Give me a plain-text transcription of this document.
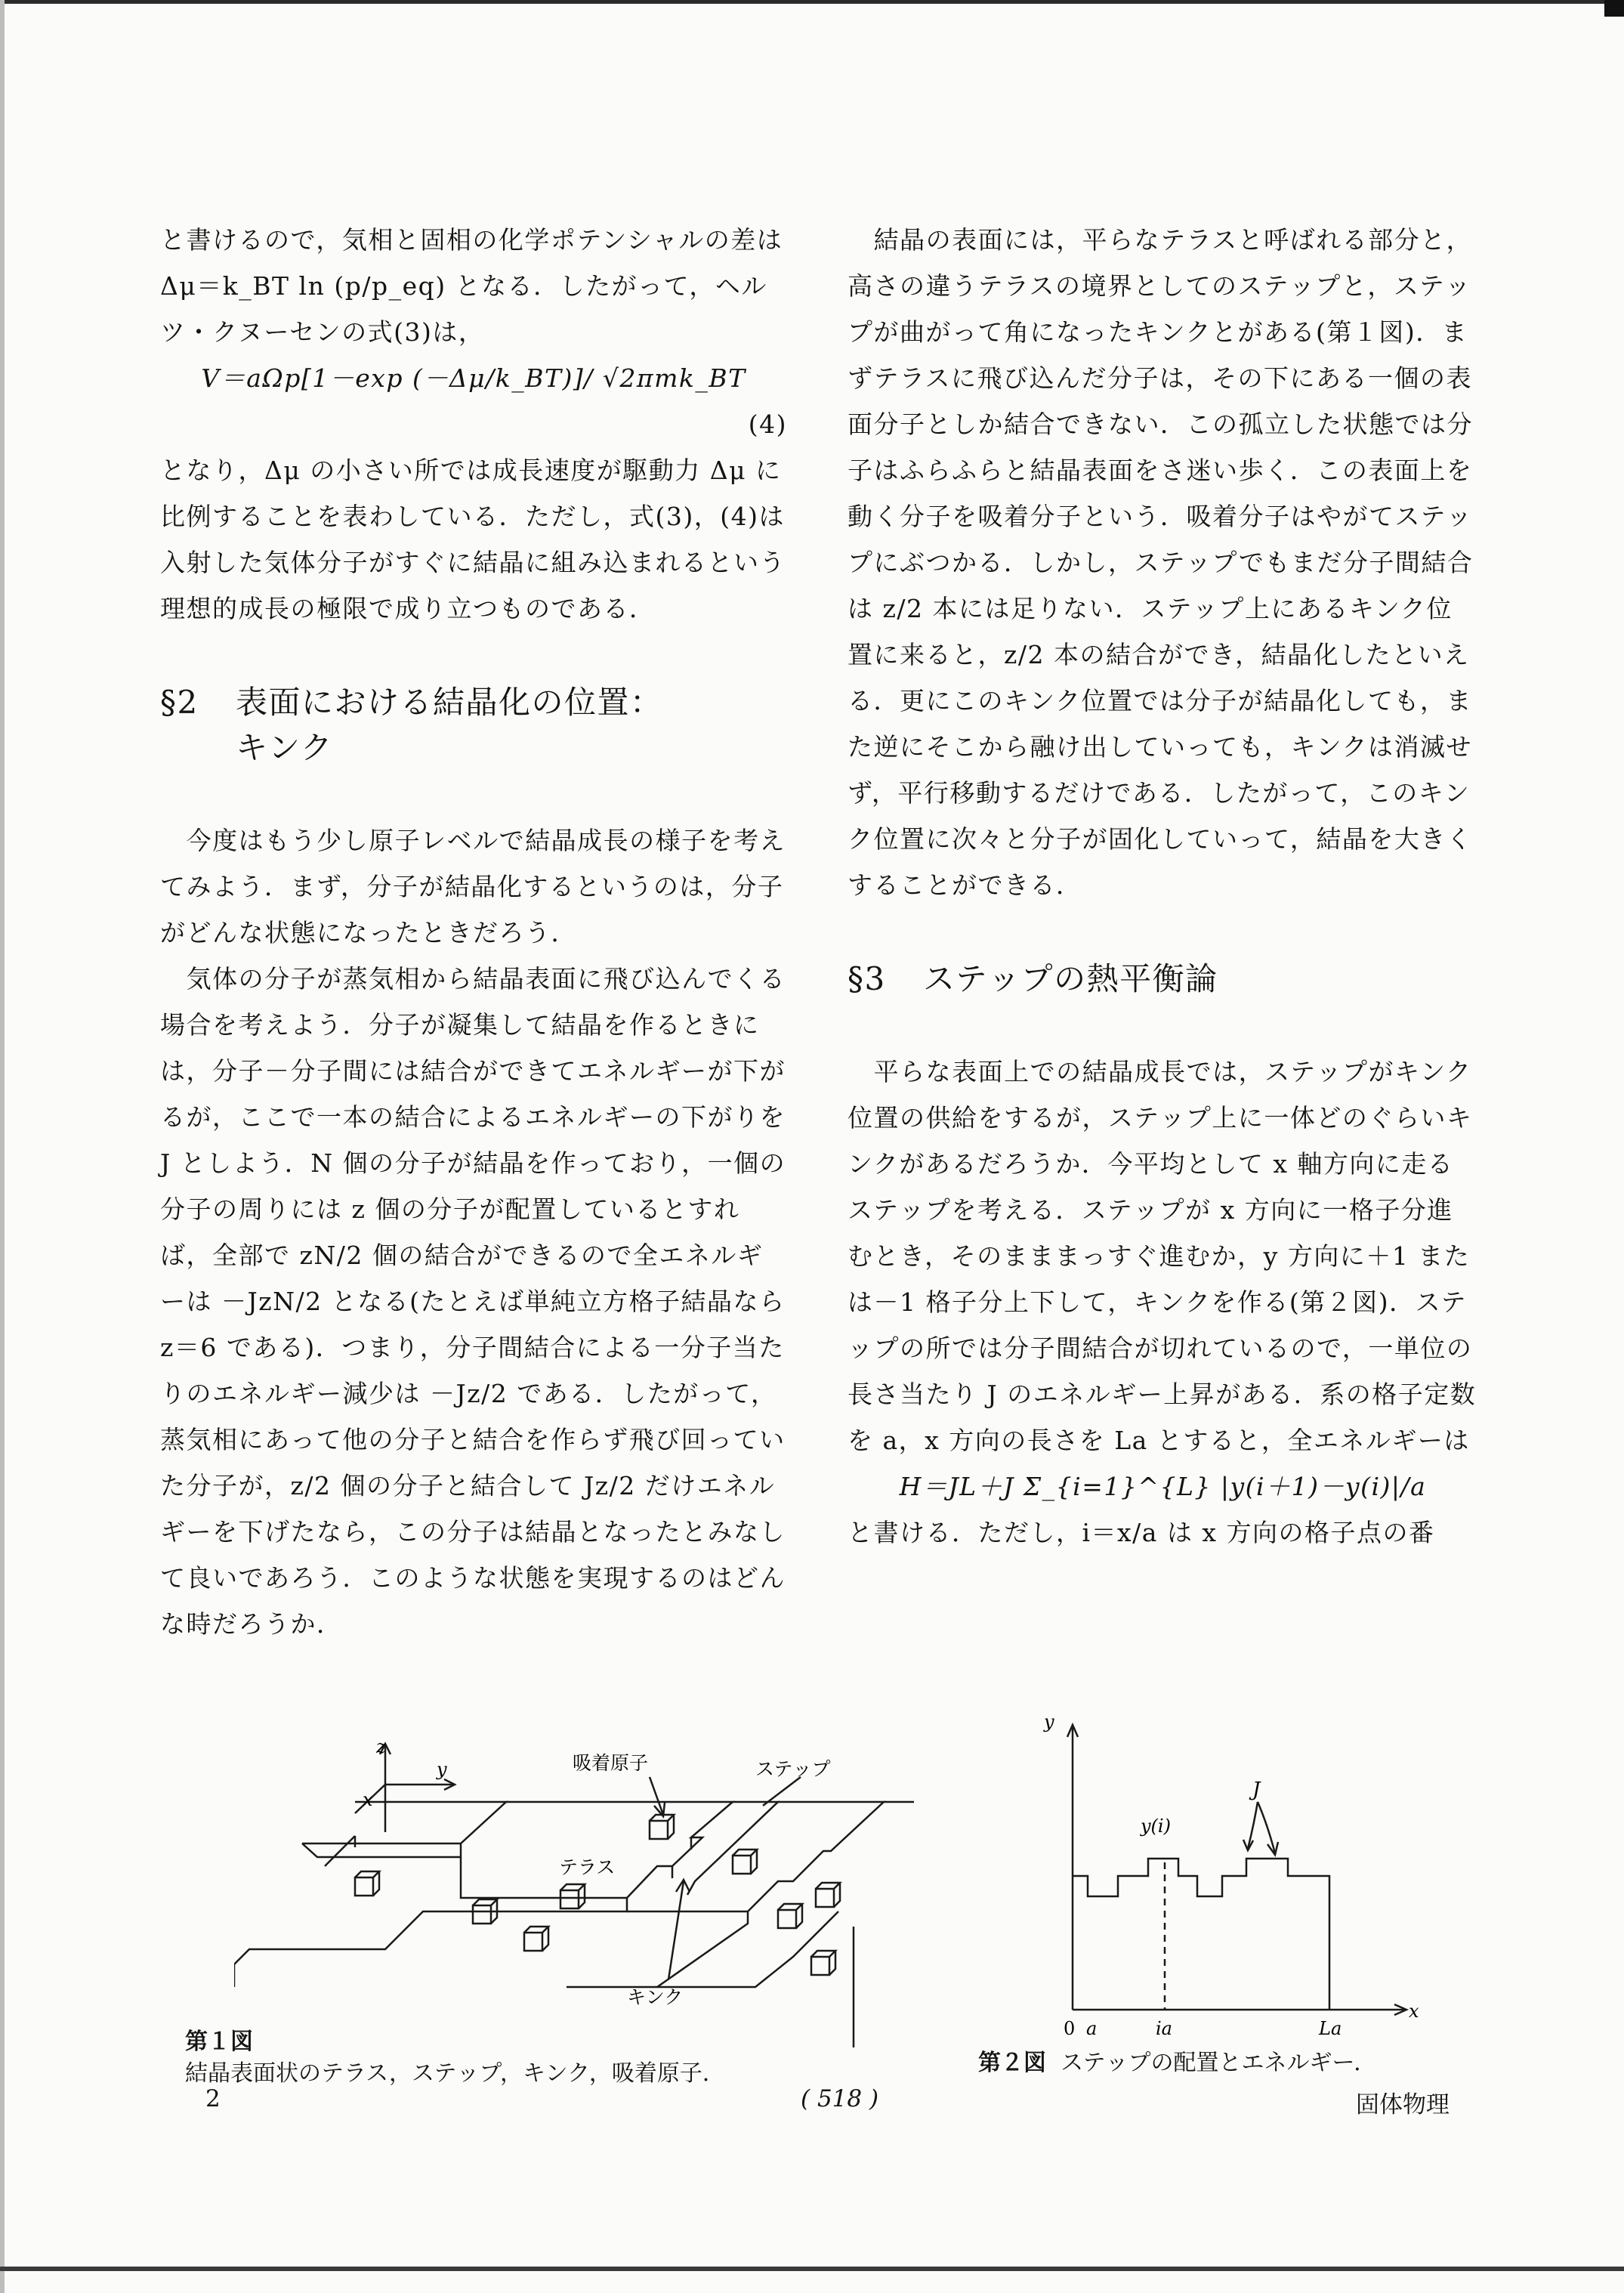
と書けるので，気相と固相の化学ポテンシャルの差は Δμ＝k_BT ln (p/p_eq) となる．したがって，ヘルツ・クヌーセンの式(3)は，

V＝aΩp[1－exp (－Δμ/k_BT)]/ √2πmk_BT

(4)

となり，Δμ の小さい所では成長速度が駆動力 Δμ に比例することを表わしている．ただし，式(3)，(4)は入射した気体分子がすぐに結晶に組み込まれるという理想的成長の極限で成り立つものである．

§2 表面における結晶化の位置：
キンク

今度はもう少し原子レベルで結晶成長の様子を考えてみよう．まず，分子が結晶化するというのは，分子がどんな状態になったときだろう．

気体の分子が蒸気相から結晶表面に飛び込んでくる場合を考えよう．分子が凝集して結晶を作るときには，分子－分子間には結合ができてエネルギーが下がるが，ここで一本の結合によるエネルギーの下がりを J としよう．N 個の分子が結晶を作っており，一個の分子の周りには z 個の分子が配置しているとすれば，全部で zN/2 個の結合ができるので全エネルギーは －JzN/2 となる(たとえば単純立方格子結晶なら z＝6 である)．つまり，分子間結合による一分子当たりのエネルギー減少は －Jz/2 である．したがって，蒸気相にあって他の分子と結合を作らず飛び回っていた分子が，z/2 個の分子と結合して Jz/2 だけエネルギーを下げたなら，この分子は結晶となったとみなして良いであろう．このような状態を実現するのはどんな時だろうか．

結晶の表面には，平らなテラスと呼ばれる部分と，高さの違うテラスの境界としてのステップと，ステップが曲がって角になったキンクとがある(第１図)．まずテラスに飛び込んだ分子は，その下にある一個の表面分子としか結合できない．この孤立した状態では分子はふらふらと結晶表面をさ迷い歩く．この表面上を動く分子を吸着分子という．吸着分子はやがてステップにぶつかる．しかし，ステップでもまだ分子間結合は z/2 本には足りない．ステップ上にあるキンク位置に来ると，z/2 本の結合ができ，結晶化したといえる．更にこのキンク位置では分子が結晶化しても，また逆にそこから融け出していっても，キンクは消滅せず，平行移動するだけである．したがって，このキンク位置に次々と分子が固化していって，結晶を大きくすることができる．

§3 ステップの熱平衡論

平らな表面上での結晶成長では，ステップがキンク位置の供給をするが，ステップ上に一体どのぐらいキンクがあるだろうか．今平均として x 軸方向に走るステップを考える．ステップが x 方向に一格子分進むとき，そのまままっすぐ進むか，y 方向に＋1 または－1 格子分上下して，キンクを作る(第２図)．ステップの所では分子間結合が切れているので，一単位の長さ当たり J のエネルギー上昇がある．系の格子定数を a，x 方向の長さを La とすると，全エネルギーは

H＝JL＋J Σ_{i=1}^{L} |y(i＋1)－y(i)|/a

と書ける．ただし，i＝x/a は x 方向の格子点の番

z
y
x
吸着原子	ステップ
テラス
キンク
第１図
結晶表面状のテラス，ステップ，キンク，吸着原子．
y
x
J
y(i)
0 a	ia	La
第２図 ステップの配置とエネルギー．
2	( 518 )	固体物理
